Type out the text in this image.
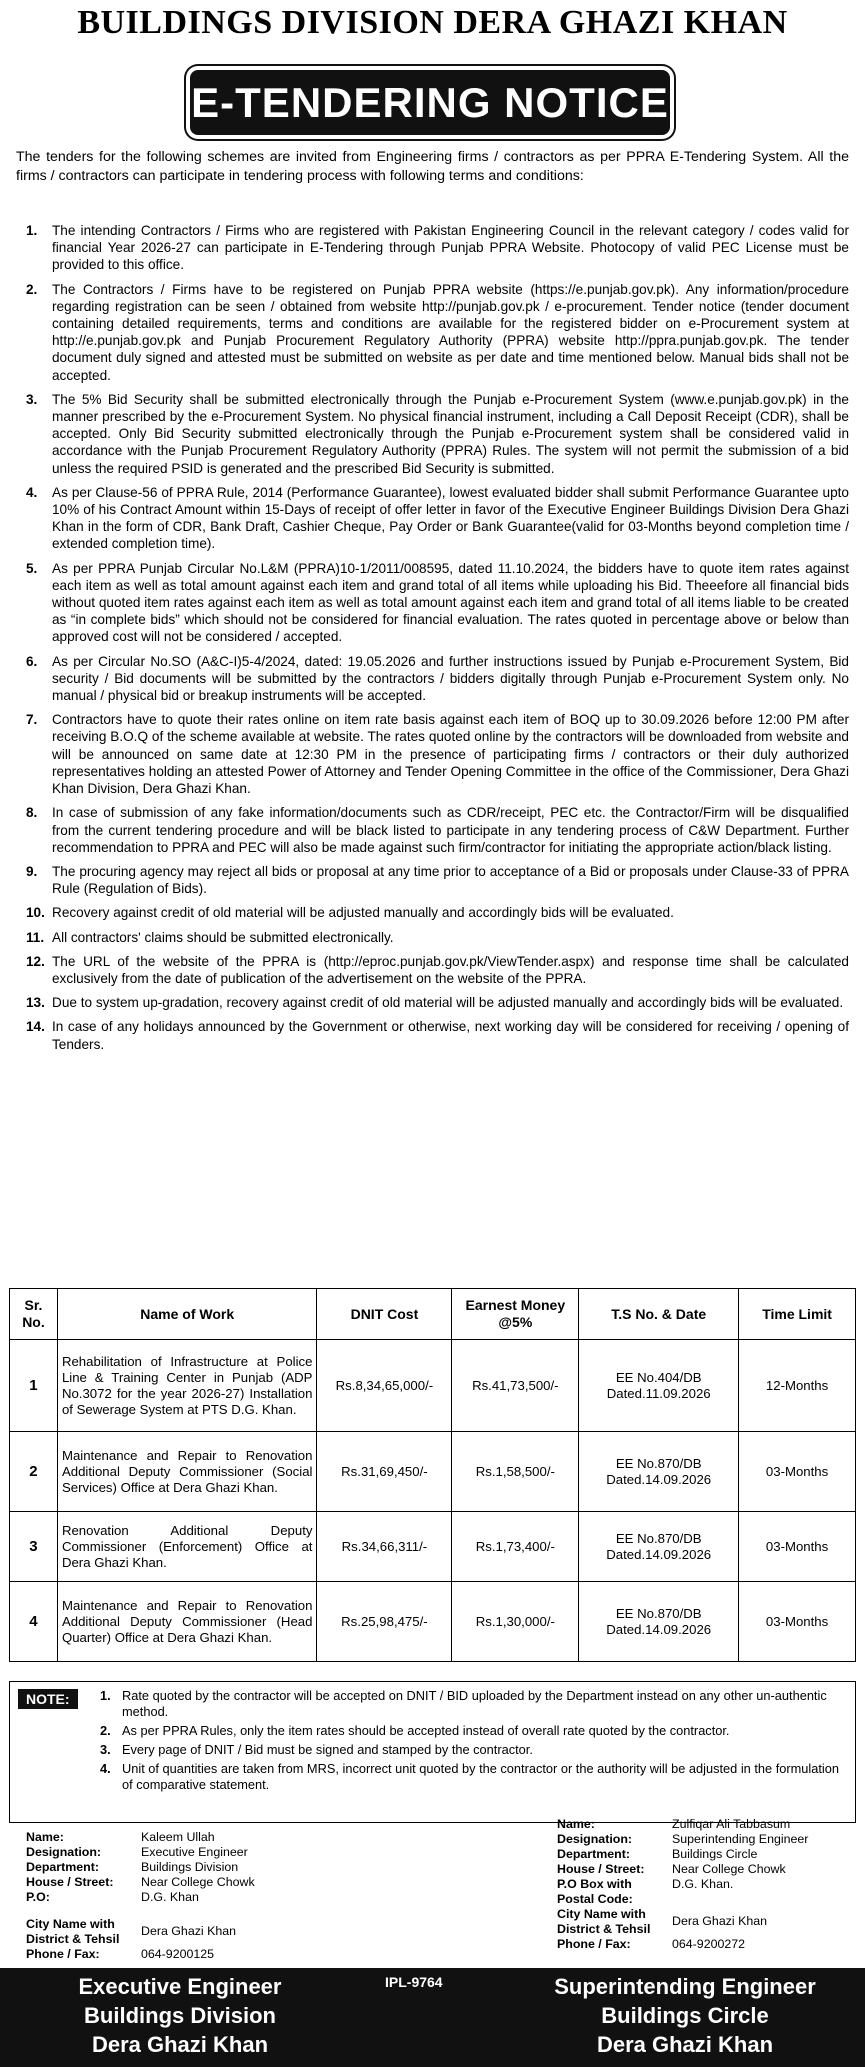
BUILDINGS DIVISION DERA GHAZI KHAN
E-TENDERING NOTICE
The tenders for the following schemes are invited from Engineering firms / contractors as per PPRA E-Tendering System. All the firms / contractors can participate in tendering process with following terms and conditions:
1. The intending Contractors / Firms who are registered with Pakistan Engineering Council in the relevant category / codes valid for financial Year 2026-27 can participate in E-Tendering through Punjab PPRA Website. Photocopy of valid PEC License must be provided to this office.
2. The Contractors / Firms have to be registered on Punjab PPRA website (https://e.punjab.gov.pk). Any information/procedure regarding registration can be seen / obtained from website http://punjab.gov.pk / e-procurement. Tender notice (tender document containing detailed requirements, terms and conditions are available for the registered bidder on e-Procurement system at http://e.punjab.gov.pk and Punjab Procurement Regulatory Authority (PPRA) website http://ppra.punjab.gov.pk. The tender document duly signed and attested must be submitted on website as per date and time mentioned below. Manual bids shall not be accepted.
3. The 5% Bid Security shall be submitted electronically through the Punjab e-Procurement System (www.e.punjab.gov.pk) in the manner prescribed by the e-Procurement System. No physical financial instrument, including a Call Deposit Receipt (CDR), shall be accepted. Only Bid Security submitted electronically through the Punjab e-Procurement system shall be considered valid in accordance with the Punjab Procurement Regulatory Authority (PPRA) Rules. The system will not permit the submission of a bid unless the required PSID is generated and the prescribed Bid Security is submitted.
4. As per Clause-56 of PPRA Rule, 2014 (Performance Guarantee), lowest evaluated bidder shall submit Performance Guarantee upto 10% of his Contract Amount within 15-Days of receipt of offer letter in favor of the Executive Engineer Buildings Division Dera Ghazi Khan in the form of CDR, Bank Draft, Cashier Cheque, Pay Order or Bank Guarantee(valid for 03-Months beyond completion time / extended completion time).
5. As per PPRA Punjab Circular No.L&M (PPRA)10-1/2011/008595, dated 11.10.2024, the bidders have to quote item rates against each item as well as total amount against each item and grand total of all items while uploading his Bid. Theeefore all financial bids without quoted item rates against each item as well as total amount against each item and grand total of all items liable to be created as “in complete bids” which should not be considered for financial evaluation. The rates quoted in percentage above or below than approved cost will not be considered / accepted.
6. As per Circular No.SO (A&C-I)5-4/2024, dated: 19.05.2026 and further instructions issued by Punjab e-Procurement System, Bid security / Bid documents will be submitted by the contractors / bidders digitally through Punjab e-Procurement System only. No manual / physical bid or breakup instruments will be accepted.
7. Contractors have to quote their rates online on item rate basis against each item of BOQ up to 30.09.2026 before 12:00 PM after receiving B.O.Q of the scheme available at website. The rates quoted online by the contractors will be downloaded from website and will be announced on same date at 12:30 PM in the presence of participating firms / contractors or their duly authorized representatives holding an attested Power of Attorney and Tender Opening Committee in the office of the Commissioner, Dera Ghazi Khan Division, Dera Ghazi Khan.
8. In case of submission of any fake information/documents such as CDR/receipt, PEC etc. the Contractor/Firm will be disqualified from the current tendering procedure and will be black listed to participate in any tendering process of C&W Department. Further recommendation to PPRA and PEC will also be made against such firm/contractor for initiating the appropriate action/black listing.
9. The procuring agency may reject all bids or proposal at any time prior to acceptance of a Bid or proposals under Clause-33 of PPRA Rule (Regulation of Bids).
10. Recovery against credit of old material will be adjusted manually and accordingly bids will be evaluated.
11. All contractors' claims should be submitted electronically.
12. The URL of the website of the PPRA is (http://eproc.punjab.gov.pk/ViewTender.aspx) and response time shall be calculated exclusively from the date of publication of the advertisement on the website of the PPRA.
13. Due to system up-gradation, recovery against credit of old material will be adjusted manually and accordingly bids will be evaluated.
14. In case of any holidays announced by the Government or otherwise, next working day will be considered for receiving / opening of Tenders.
Sr. No.	Name of Work	DNIT Cost	Earnest Money @5%	T.S No. & Date	Time Limit
1	Rehabilitation of Infrastructure at Police Line & Training Center in Punjab (ADP No.3072 for the year 2026-27) Installation of Sewerage System at PTS D.G. Khan.	Rs.8,34,65,000/-	Rs.41,73,500/-	EE No.404/DB Dated.11.09.2026	12-Months
2	Maintenance and Repair to Renovation Additional Deputy Commissioner (Social Services) Office at Dera Ghazi Khan.	Rs.31,69,450/-	Rs.1,58,500/-	EE No.870/DB Dated.14.09.2026	03-Months
3	Renovation Additional Deputy Commissioner (Enforcement) Office at Dera Ghazi Khan.	Rs.34,66,311/-	Rs.1,73,400/-	EE No.870/DB Dated.14.09.2026	03-Months
4	Maintenance and Repair to Renovation Additional Deputy Commissioner (Head Quarter) Office at Dera Ghazi Khan.	Rs.25,98,475/-	Rs.1,30,000/-	EE No.870/DB Dated.14.09.2026	03-Months
NOTE:	1. Rate quoted by the contractor will be accepted on DNIT / BID uploaded by the Department instead on any other un-authentic method.
2. As per PPRA Rules, only the item rates should be accepted instead of overall rate quoted by the contractor.
3. Every page of DNIT / Bid must be signed and stamped by the contractor.
4. Unit of quantities are taken from MRS, incorrect unit quoted by the contractor or the authority will be adjusted in the formulation of comparative statement.
Name:	Kaleem Ullah
Designation:	Executive Engineer
Department:	Buildings Division
House / Street:	Near College Chowk
P.O:	D.G. Khan
City Name with District & Tehsil
Dera Ghazi Khan
Phone / Fax:	064-9200125
Name:	Zulfiqar Ali Tabbasum
Designation:	Superintending Engineer
Department:	Buildings Circle
House / Street:	Near College Chowk
P.O Box with Postal Code:
D.G. Khan.
City Name with District & Tehsil
Dera Ghazi Khan
Phone / Fax:	064-9200272
Executive Engineer
Buildings Division
Dera Ghazi Khan
IPL-9764	Superintending Engineer
Buildings Circle
Dera Ghazi Khan
